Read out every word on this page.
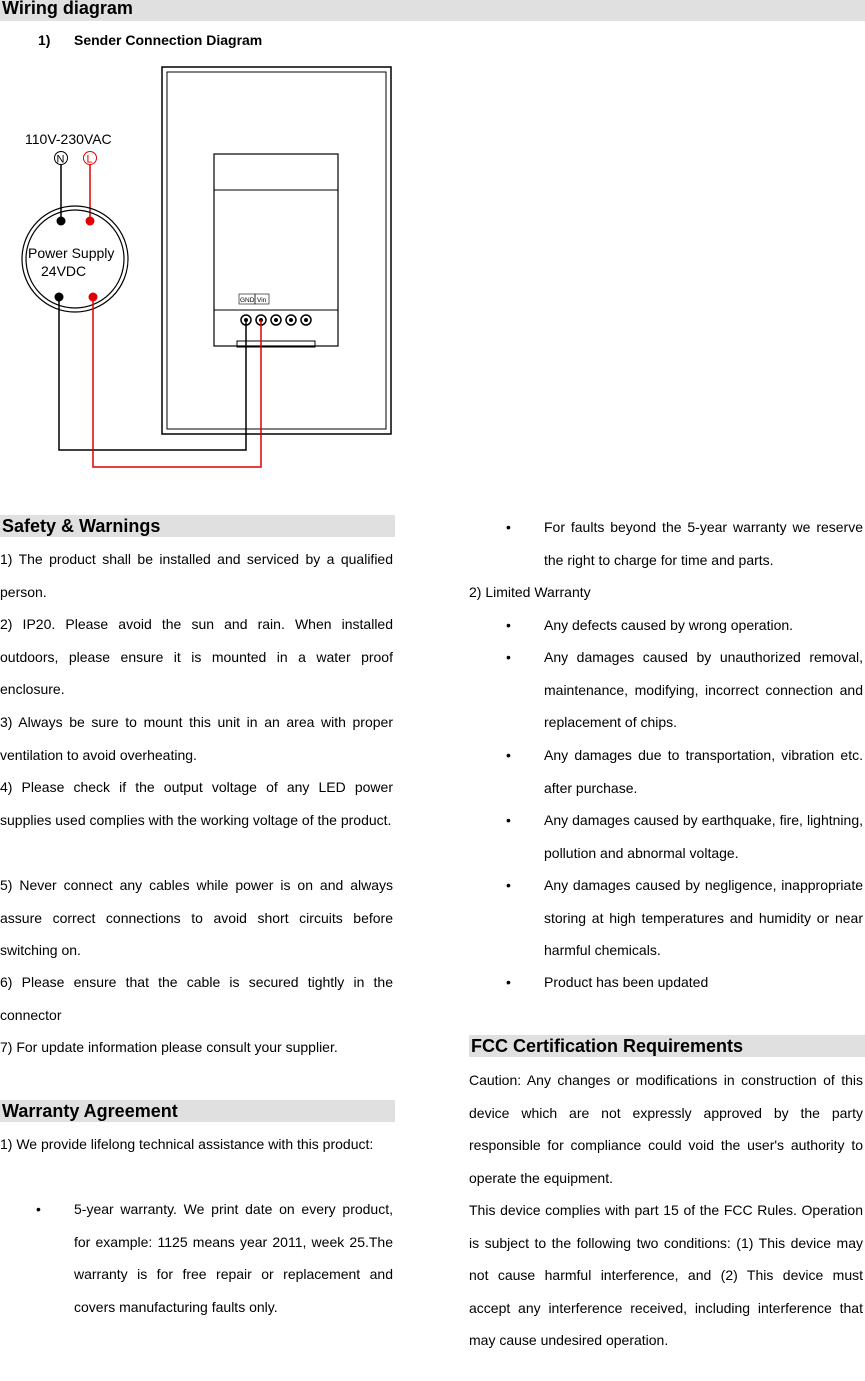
Wiring diagram
1) Sender Connection Diagram
GND Vin
110V-230VAC
N L
Power Supply
24VDC
Safety & Warnings

1) The product shall be installed and serviced by a qualified person.

2) IP20. Please avoid the sun and rain. When installed outdoors, please ensure it is mounted in a water proof enclosure.

3) Always be sure to mount this unit in an area with proper ventilation to avoid overheating.

4) Please check if the output voltage of any LED power supplies used complies with the working voltage of the product.

5) Never connect any cables while power is on and always assure correct connections to avoid short circuits before switching on.

6) Please ensure that the cable is secured tightly in the connector

7) For update information please consult your supplier.

Warranty Agreement

1) We provide lifelong technical assistance with this product:

• 5-year warranty. We print date on every product, for example: 1125 means year 2011, week 25.The warranty is for free repair or replacement and covers manufacturing faults only.

• For faults beyond the 5-year warranty we reserve the right to charge for time and parts.

2) Limited Warranty

• Any defects caused by wrong operation.

• Any damages caused by unauthorized removal, maintenance, modifying, incorrect connection and replacement of chips.

• Any damages due to transportation, vibration etc. after purchase.

• Any damages caused by earthquake, fire, lightning, pollution and abnormal voltage.

• Any damages caused by negligence, inappropriate storing at high temperatures and humidity or near harmful chemicals.

• Product has been updated

FCC Certification Requirements

Caution: Any changes or modifications in construction of this device which are not expressly approved by the party responsible for compliance could void the user's authority to operate the equipment.

This device complies with part 15 of the FCC Rules. Operation is subject to the following two conditions: (1) This device may not cause harmful interference, and (2) This device must accept any interference received, including interference that may cause undesired operation.
